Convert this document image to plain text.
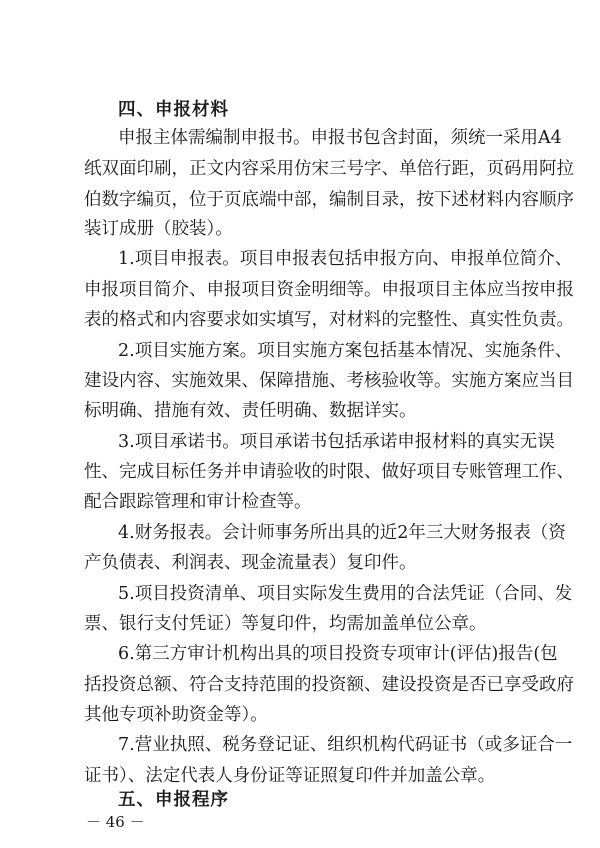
四、申报材料
申报主体需编制申报书。申报书包含封面，须统一采用A4
纸双面印刷，正文内容采用仿宋三号字、单倍行距，页码用阿拉
伯数字编页，位于页底端中部，编制目录，按下述材料内容顺序
装订成册（胶装）。
1.项目申报表。项目申报表包括申报方向、申报单位简介、
申报项目简介、申报项目资金明细等。申报项目主体应当按申报
表的格式和内容要求如实填写，对材料的完整性、真实性负责。
2.项目实施方案。项目实施方案包括基本情况、实施条件、
建设内容、实施效果、保障措施、考核验收等。实施方案应当目
标明确、措施有效、责任明确、数据详实。
3.项目承诺书。项目承诺书包括承诺申报材料的真实无误
性、完成目标任务并申请验收的时限、做好项目专账管理工作、
配合跟踪管理和审计检查等。
4.财务报表。会计师事务所出具的近2年三大财务报表（资
产负债表、利润表、现金流量表）复印件。
5.项目投资清单、项目实际发生费用的合法凭证（合同、发
票、银行支付凭证）等复印件，均需加盖单位公章。
6.第三方审计机构出具的项目投资专项审计(评估)报告(包
括投资总额、符合支持范围的投资额、建设投资是否已享受政府
其他专项补助资金等）。
7.营业执照、税务登记证、组织机构代码证书（或多证合一
证书）、法定代表人身份证等证照复印件并加盖公章。
五、申报程序
－ 46 －
